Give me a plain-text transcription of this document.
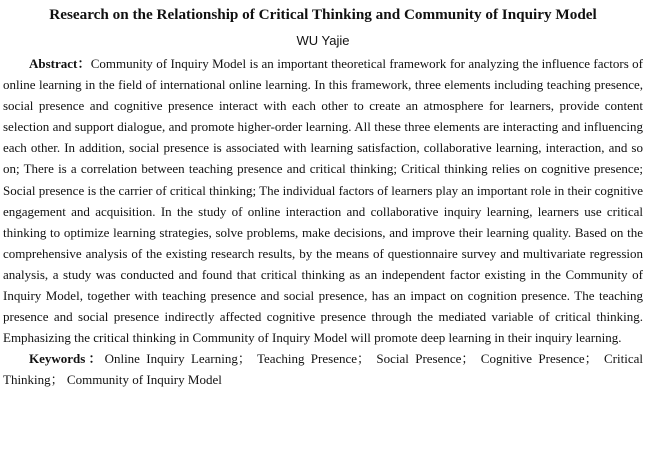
Research on the Relationship of Critical Thinking and Community of Inquiry Model
WU Yajie

Abstract：Community of Inquiry Model is an important theoretical framework for analyzing the influence factors of online learning in the field of international online learning. In this framework, three elements including teaching presence, social presence and cognitive presence interact with each other to create an atmosphere for learners, provide content selection and support dialogue, and promote higher-order learning. All these three elements are interacting and influencing each other. In addition, social presence is associated with learning satisfaction, collaborative learning, interaction, and so on; There is a correlation between teaching presence and critical thinking; Critical thinking relies on cognitive presence; Social presence is the carrier of critical thinking; The individual factors of learners play an important role in their cognitive engagement and acquisition. In the study of online interaction and collaborative inquiry learning, learners use critical thinking to optimize learning strategies, solve problems, make decisions, and improve their learning quality. Based on the comprehensive analysis of the existing research results, by the means of questionnaire survey and multivariate regression analysis, a study was conducted and found that critical thinking as an independent factor existing in the Community of Inquiry Model, together with teaching presence and social presence, has an impact on cognition presence. The teaching presence and social presence indirectly affected cognitive presence through the mediated variable of critical thinking. Emphasizing the critical thinking in Community of Inquiry Model will promote deep learning in their inquiry learning.

Keywords：Online Inquiry Learning； Teaching Presence； Social Presence； Cognitive Presence； Critical Thinking； Community of Inquiry Model
